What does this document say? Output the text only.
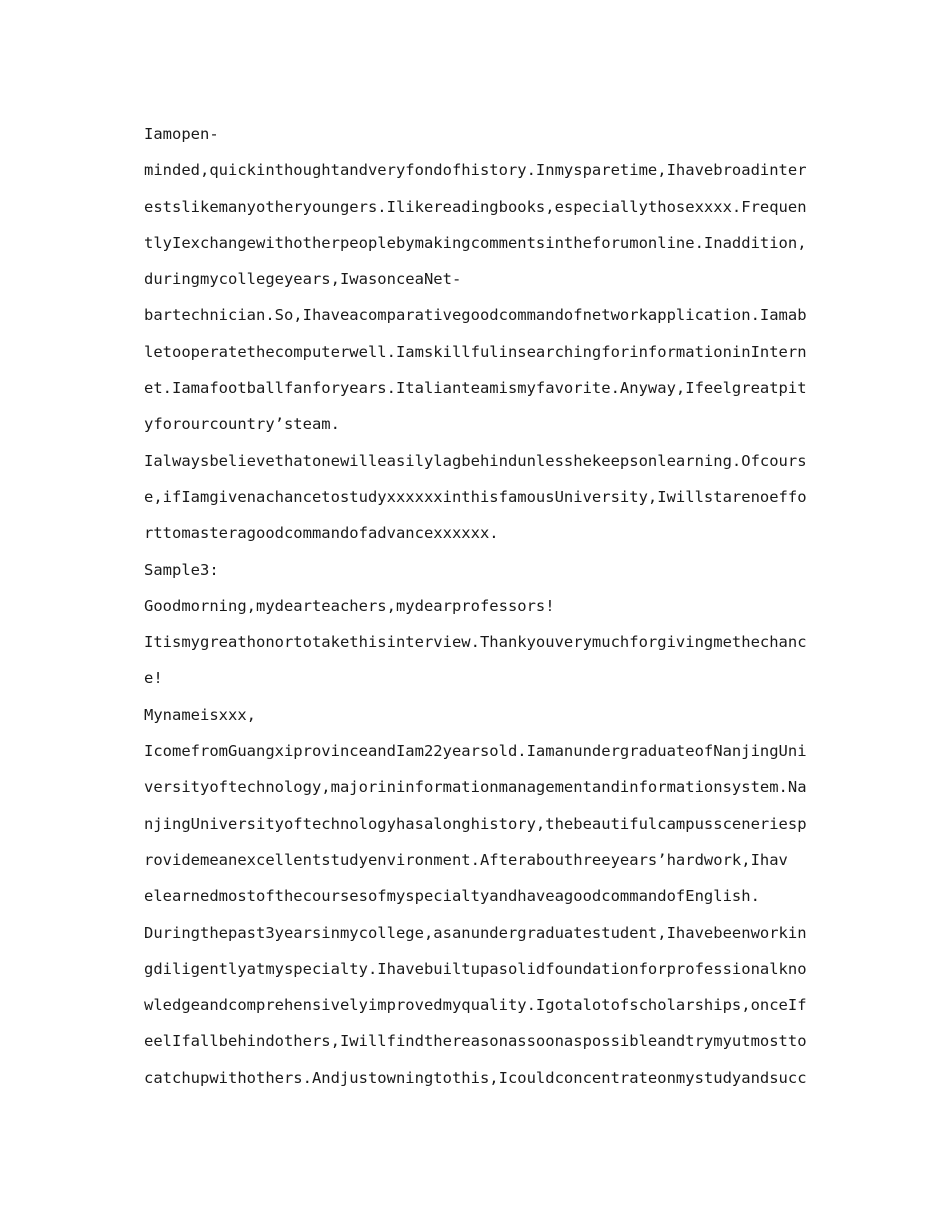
Iamopen-
minded,quickinthoughtandveryfondofhistory.Inmysparetime,Ihavebroadinter
estslikemanyotheryoungers.Ilikereadingbooks,especiallythosexxxx.Frequen
tlyIexchangewithotherpeoplebymakingcommentsintheforumonline.Inaddition,
duringmycollegeyears,IwasonceaNet-
bartechnician.So,Ihaveacomparativegoodcommandofnetworkapplication.Iamab
letooperatethecomputerwell.IamskillfulinsearchingforinformationinIntern
et.Iamafootballfanforyears.Italianteamismyfavorite.Anyway,Ifeelgreatpit
yforourcountry’steam.
Ialwaysbelievethatonewilleasilylagbehindunlesshekeepsonlearning.Ofcours
e,ifIamgivenachancetostudyxxxxxxinthisfamousUniversity,Iwillstarenoeffo
rttomasteragoodcommandofadvancexxxxxx.
Sample3:
Goodmorning,mydearteachers,mydearprofessors!
Itismygreathonortotakethisinterview.Thankyouverymuchforgivingmethechanc
e!
Mynameisxxx,
IcomefromGuangxiprovinceandIam22yearsold.IamanundergraduateofNanjingUni
versityoftechnology,majorininformationmanagementandinformationsystem.Na
njingUniversityoftechnologyhasalonghistory,thebeautifulcampussceneriesp
rovidemeanexcellentstudyenvironment.Afterabouthreeyears’hardwork,Ihav
elearnedmostofthecoursesofmyspecialtyandhaveagoodcommandofEnglish.
Duringthepast3yearsinmycollege,asanundergraduatestudent,Ihavebeenworkin
gdiligentlyatmyspecialty.Ihavebuiltupasolidfoundationforprofessionalkno
wledgeandcomprehensivelyimprovedmyquality.Igotalotofscholarships,onceIf
eelIfallbehindothers,Iwillfindthereasonassoonaspossibleandtrymyutmostto
catchupwithothers.Andjustowningtothis,Icouldconcentrateonmystudyandsucc
